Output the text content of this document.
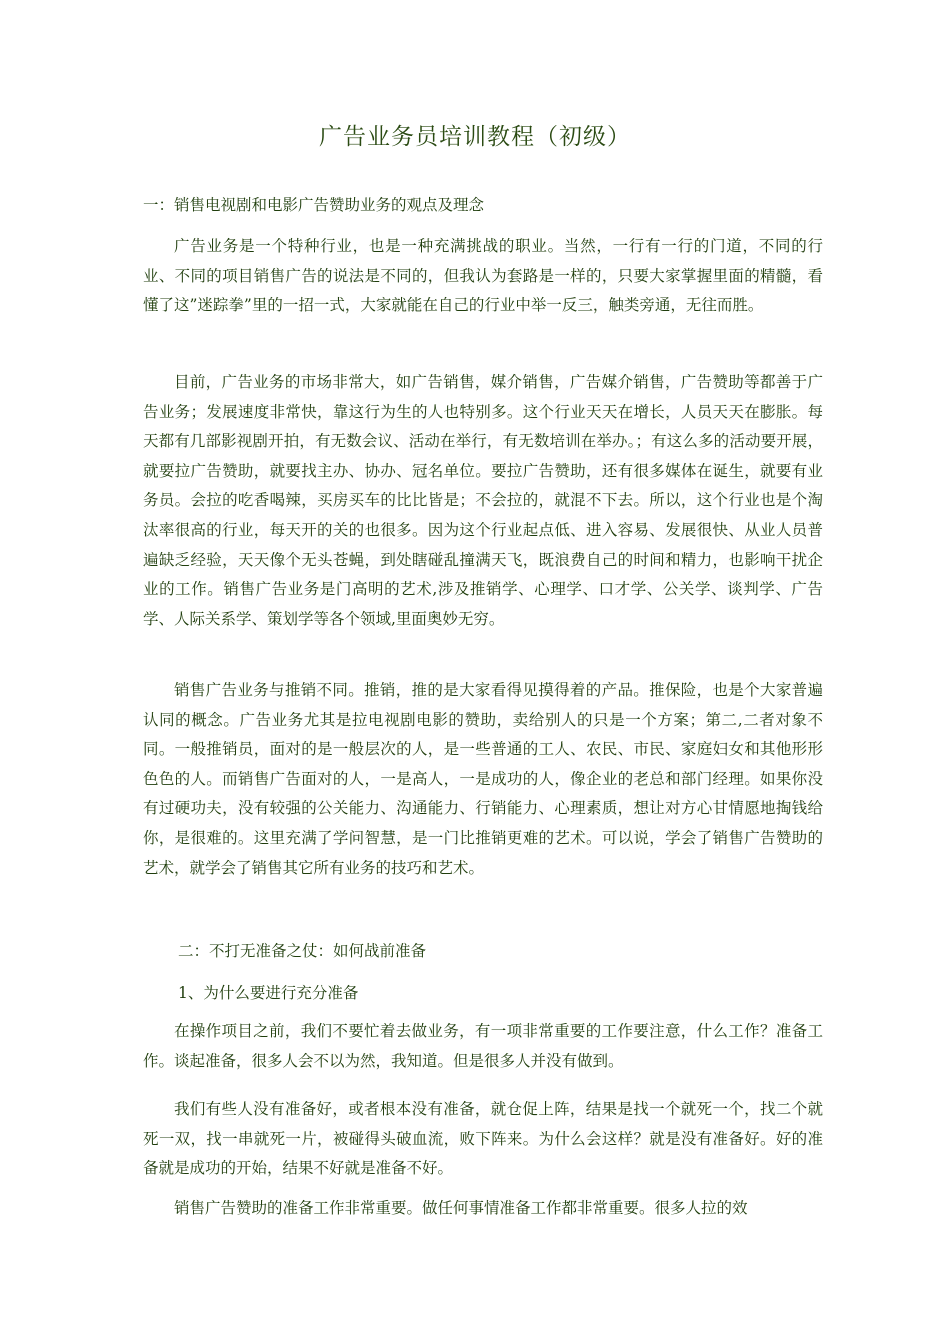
广告业务员培训教程（初级）
一：销售电视剧和电影广告赞助业务的观点及理念
广告业务是一个特种行业，也是一种充满挑战的职业。当然，一行有一行的门道，不同的行业、不同的项目销售广告的说法是不同的，但我认为套路是一样的，只要大家掌握里面的精髓，看懂了这”迷踪拳”里的一招一式，大家就能在自己的行业中举一反三，触类旁通，无往而胜。
目前，广告业务的市场非常大，如广告销售，媒介销售，广告媒介销售，广告赞助等都善于广告业务；发展速度非常快，靠这行为生的人也特别多。这个行业天天在增长，人员天天在膨胀。每天都有几部影视剧开拍，有无数会议、活动在举行，有无数培训在举办。；有这么多的活动要开展，就要拉广告赞助，就要找主办、协办、冠名单位。要拉广告赞助，还有很多媒体在诞生，就要有业务员。会拉的吃香喝辣，买房买车的比比皆是；不会拉的，就混不下去。所以，这个行业也是个淘汰率很高的行业，每天开的关的也很多。因为这个行业起点低、进入容易、发展很快、从业人员普遍缺乏经验，天天像个无头苍蝇，到处瞎碰乱撞满天飞，既浪费自己的时间和精力，也影响干扰企业的工作。销售广告业务是门高明的艺术,涉及推销学、心理学、口才学、公关学、谈判学、广告学、人际关系学、策划学等各个领域,里面奥妙无穷。
销售广告业务与推销不同。推销，推的是大家看得见摸得着的产品。推保险，也是个大家普遍认同的概念。广告业务尤其是拉电视剧电影的赞助，卖给别人的只是一个方案；第二,二者对象不同。一般推销员，面对的是一般层次的人，是一些普通的工人、农民、市民、家庭妇女和其他形形色色的人。而销售广告面对的人，一是高人，一是成功的人，像企业的老总和部门经理。如果你没有过硬功夫，没有较强的公关能力、沟通能力、行销能力、心理素质，想让对方心甘情愿地掏钱给你，是很难的。这里充满了学问智慧，是一门比推销更难的艺术。可以说，学会了销售广告赞助的艺术，就学会了销售其它所有业务的技巧和艺术。
二：不打无准备之仗：如何战前准备
1、为什么要进行充分准备
在操作项目之前，我们不要忙着去做业务，有一项非常重要的工作要注意，什么工作？准备工作。谈起准备，很多人会不以为然，我知道。但是很多人并没有做到。
我们有些人没有准备好，或者根本没有准备，就仓促上阵，结果是找一个就死一个，找二个就死一双，找一串就死一片，被碰得头破血流，败下阵来。为什么会这样？就是没有准备好。好的准备就是成功的开始，结果不好就是准备不好。
销售广告赞助的准备工作非常重要。做任何事情准备工作都非常重要。很多人拉的效
